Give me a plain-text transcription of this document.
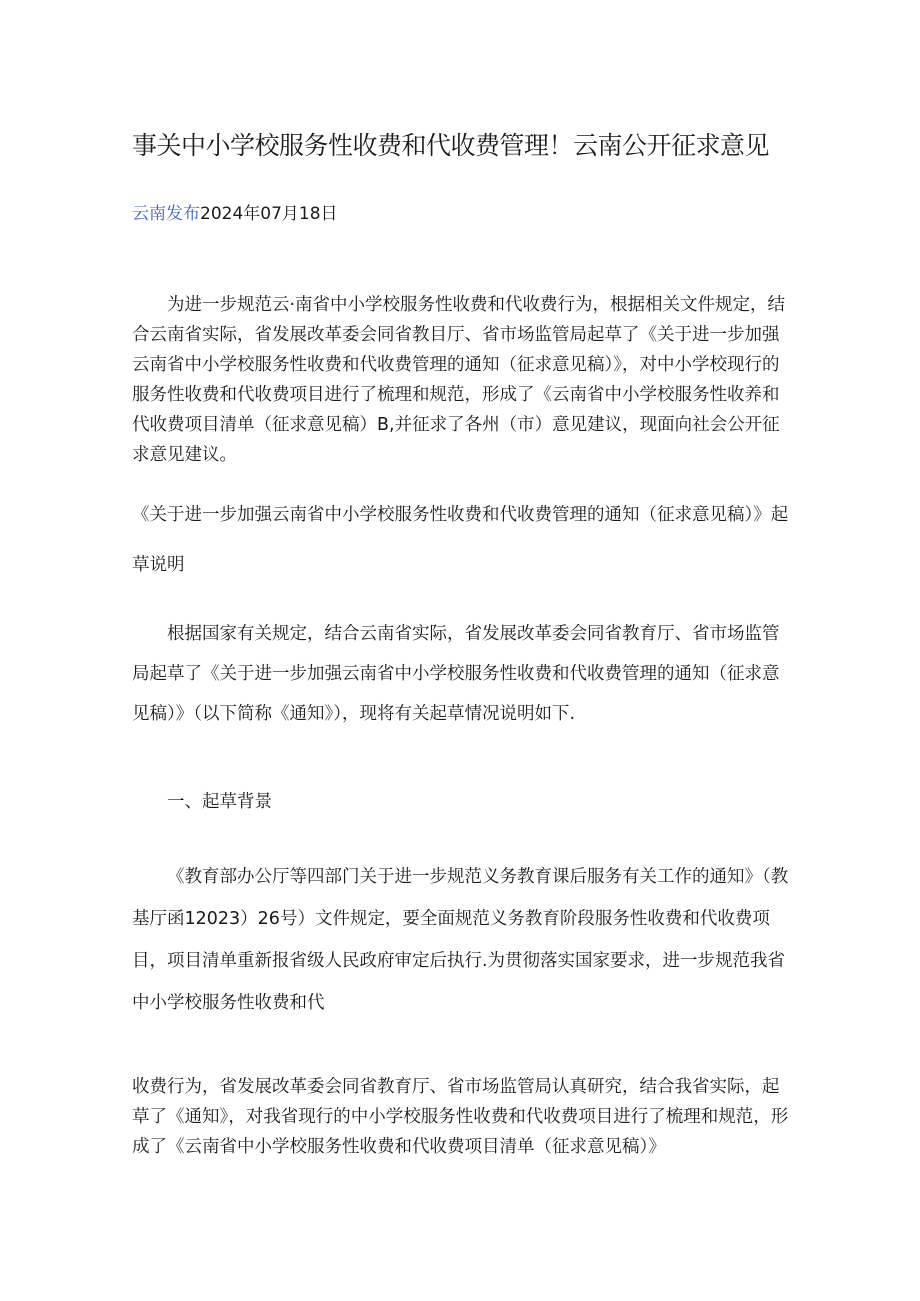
事关中小学校服务性收费和代收费管理！云南公开征求意见
云南发布2024年07月18日

为进一步规范云·南省中小学校服务性收费和代收费行为，根据相关文件规定，结合云南省实际，省发展改革委会同省教目厅、省市场监管局起草了《关于进一步加强云南省中小学校服务性收费和代收费管理的通知（征求意见稿）》，对中小学校现行的服务性收费和代收费项目进行了梳理和规范，形成了《云南省中小学校服务性收养和代收费项目清单（征求意见稿）B,并征求了各州（市）意见建议，现面向社会公开征求意见建议。

《关于进一步加强云南省中小学校服务性收费和代收费管理的通知（征求意见稿）》起草说明

根据国家有关规定，结合云南省实际，省发展改革委会同省教育厅、省市场监管局起草了《关于进一步加强云南省中小学校服务性收费和代收费管理的通知（征求意见稿）》（以下简称《通知》），现将有关起草情况说明如下.

一、起草背景

《教育部办公厅等四部门关于进一步规范义务教育课后服务有关工作的通知》（教基厅函12023）26号）文件规定，要全面规范义务教育阶段服务性收费和代收费项目，项目清单重新报省级人民政府审定后执行.为贯彻落实国家要求，进一步规范我省中小学校服务性收费和代

收费行为，省发展改革委会同省教育厅、省市场监管局认真研究，结合我省实际，起草了《通知》，对我省现行的中小学校服务性收费和代收费项目进行了梳理和规范，形成了《云南省中小学校服务性收费和代收费项目清单（征求意见稿）》
